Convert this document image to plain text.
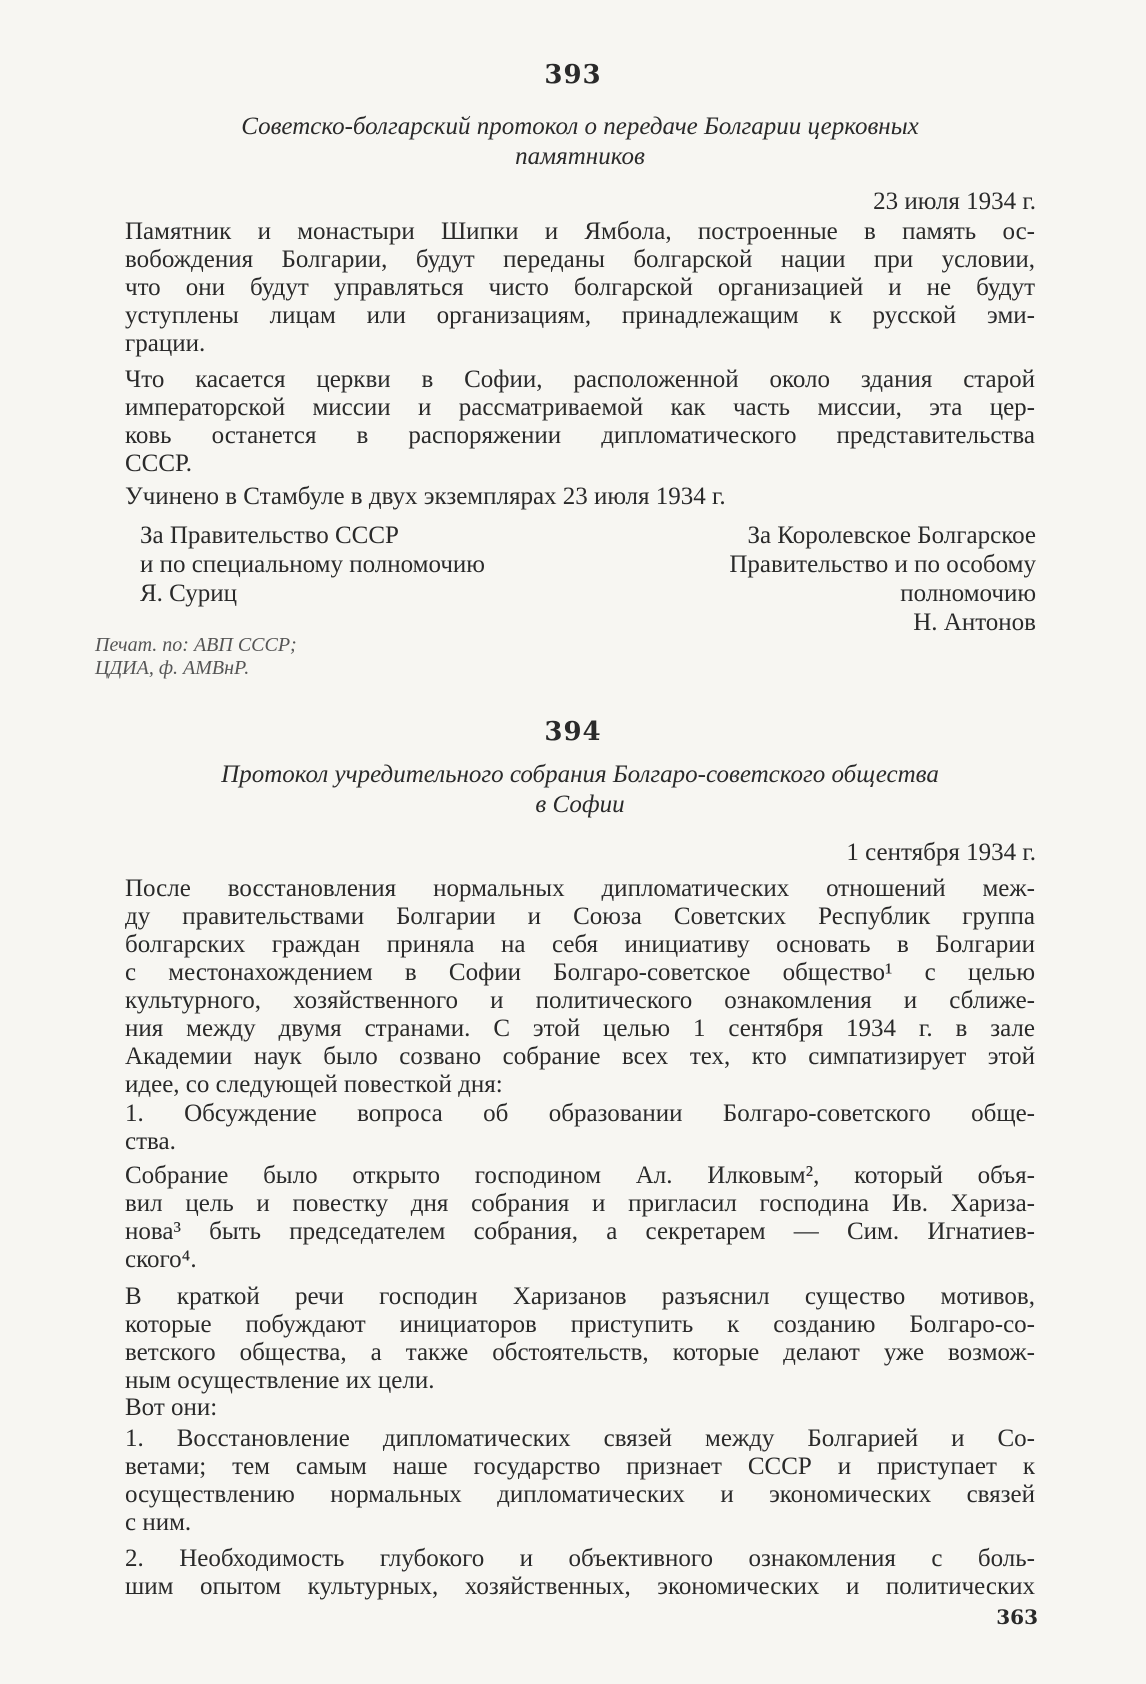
393
Советско-болгарский протокол о передаче Болгарии церковных
памятников
23 июля 1934 г.
Памятник и монастыри Шипки и Ямбола, построенные в память ос-
вобождения Болгарии, будут переданы болгарской нации при условии,
что они будут управляться чисто болгарской организацией и не будут
уступлены лицам или организациям, принадлежащим к русской эми-
грации.
Что касается церкви в Софии, расположенной около здания старой
императорской миссии и рассматриваемой как часть миссии, эта цер-
ковь останется в распоряжении дипломатического представительства
СССР.
Учинено в Стамбуле в двух экземплярах 23 июля 1934 г.
За Правительство СССР
и по специальному полномочию
Я. Суриц
За Королевское Болгарское
Правительство и по особому
полномочию
Н. Антонов
Печат. по: АВП СССР;
ЦДИА, ф. АМВнР.
394
Протокол учредительного собрания Болгаро-советского общества
в Софии
1 сентября 1934 г.
После восстановления нормальных дипломатических отношений меж-
ду правительствами Болгарии и Союза Советских Республик группа
болгарских граждан приняла на себя инициативу основать в Болгарии
с местонахождением в Софии Болгаро-советское общество¹ с целью
культурного, хозяйственного и политического ознакомления и сближе-
ния между двумя странами. С этой целью 1 сентября 1934 г. в зале
Академии наук было созвано собрание всех тех, кто симпатизирует этой
идее, со следующей повесткой дня:
1. Обсуждение вопроса об образовании Болгаро-советского обще-
ства.
Собрание было открыто господином Ал. Илковым², который объя-
вил цель и повестку дня собрания и пригласил господина Ив. Хариза-
нова³ быть председателем собрания, а секретарем — Сим. Игнатиев-
ского⁴.
В краткой речи господин Харизанов разъяснил существо мотивов,
которые побуждают инициаторов приступить к созданию Болгаро-со-
ветского общества, а также обстоятельств, которые делают уже возмож-
ным осуществление их цели.
Вот они:
1. Восстановление дипломатических связей между Болгарией и Со-
ветами; тем самым наше государство признает СССР и приступает к
осуществлению нормальных дипломатических и экономических связей
с ним.
2. Необходимость глубокого и объективного ознакомления с боль-
шим опытом культурных, хозяйственных, экономических и политических
363
